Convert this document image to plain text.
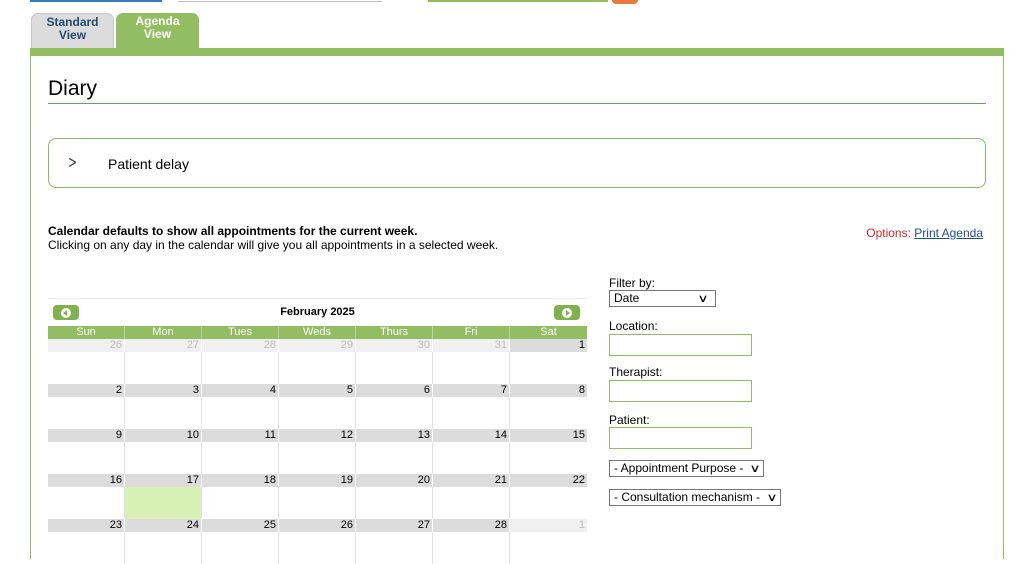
Standard
View
Agenda
View
Diary
> Patient delay
Calendar defaults to show all appointments for the current week.
Clicking on any day in the calendar will give you all appointments in a selected week.
Options: Print Agenda
Filter by:
Date	∨
Location:
Therapist:
Patient:
- Appointment Purpose - ∨
- Consultation mechanism - ∨
February 2025
Sun	Mon	Tues	Weds	Thurs	Fri	Sat
26	27	28	29	30	31	1
2	3	4	5	6	7	8
9	10	11	12	13	14	15
16	17	18	19	20	21	22
23	24	25	26	27	28	1
